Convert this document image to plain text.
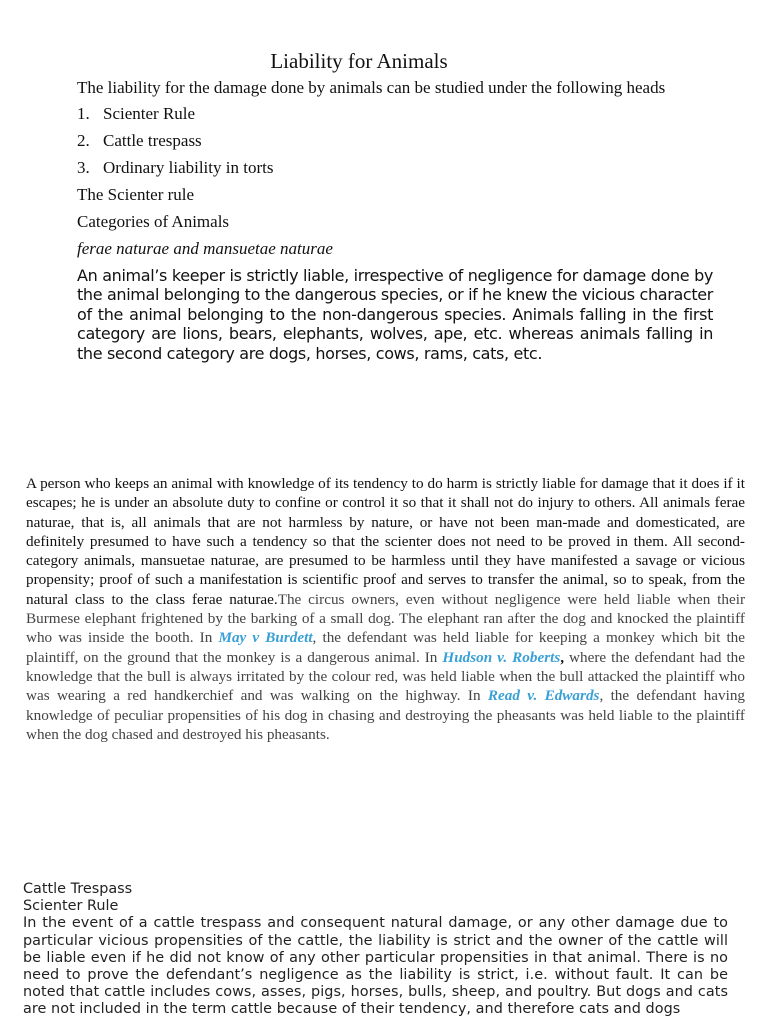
Liability for Animals
The liability for the damage done by animals can be studied under the following heads
1. Scienter Rule
2. Cattle trespass
3. Ordinary liability in torts
The Scienter rule
Categories of Animals
ferae naturae and mansuetae naturae

An animal’s keeper is strictly liable, irrespective of negligence for damage done by the animal belonging to the dangerous species, or if he knew the vicious character of the animal belonging to the non-dangerous species. Animals falling in the first category are lions, bears, elephants, wolves, ape, etc. whereas animals falling in the second category are dogs, horses, cows, rams, cats, etc.

A person who keeps an animal with knowledge of its tendency to do harm is strictly liable for damage that it does if it escapes; he is under an absolute duty to confine or control it so that it shall not do injury to others. All animals ferae naturae, that is, all animals that are not harmless by nature, or have not been man-made and domesticated, are definitely presumed to have such a tendency so that the scienter does not need to be proved in them. All second-category animals, mansuetae naturae, are presumed to be harmless until they have manifested a savage or vicious propensity; proof of such a manifestation is scientific proof and serves to transfer the animal, so to speak, from the natural class to the class ferae naturae.The circus owners, even without negligence were held liable when their Burmese elephant frightened by the barking of a small dog. The elephant ran after the dog and knocked the plaintiff who was inside the booth. In May v Burdett, the defendant was held liable for keeping a monkey which bit the plaintiff, on the ground that the monkey is a dangerous animal. In Hudson v. Roberts, where the defendant had the knowledge that the bull is always irritated by the colour red, was held liable when the bull attacked the plaintiff who was wearing a red handkerchief and was walking on the highway. In Read v. Edwards, the defendant having knowledge of peculiar propensities of his dog in chasing and destroying the pheasants was held liable to the plaintiff when the dog chased and destroyed his pheasants.

Cattle Trespass

Scienter Rule

In the event of a cattle trespass and consequent natural damage, or any other damage due to particular vicious propensities of the cattle, the liability is strict and the owner of the cattle will be liable even if he did not know of any other particular propensities in that animal. There is no need to prove the defendant’s negligence as the liability is strict, i.e. without fault. It can be noted that cattle includes cows, asses, pigs, horses, bulls, sheep, and poultry. But dogs and cats are not included in the term cattle because of their tendency, and therefore cats and dogs
